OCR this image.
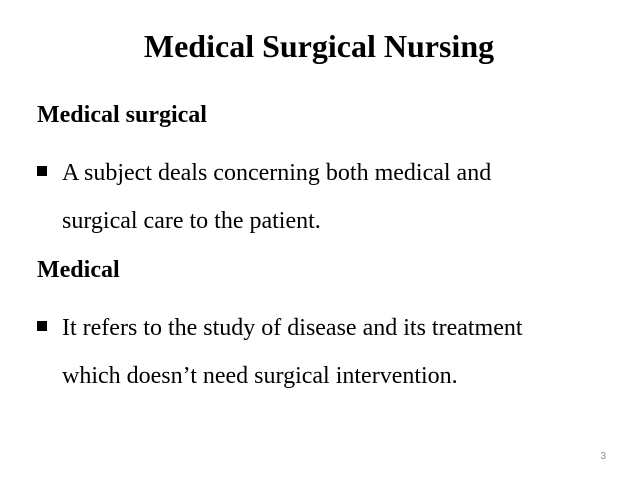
Medical Surgical Nursing
Medical surgical
A subject deals concerning both medical and
surgical care to the patient.
Medical
It refers to the study of disease and its treatment
which doesn’t need surgical intervention.
3
